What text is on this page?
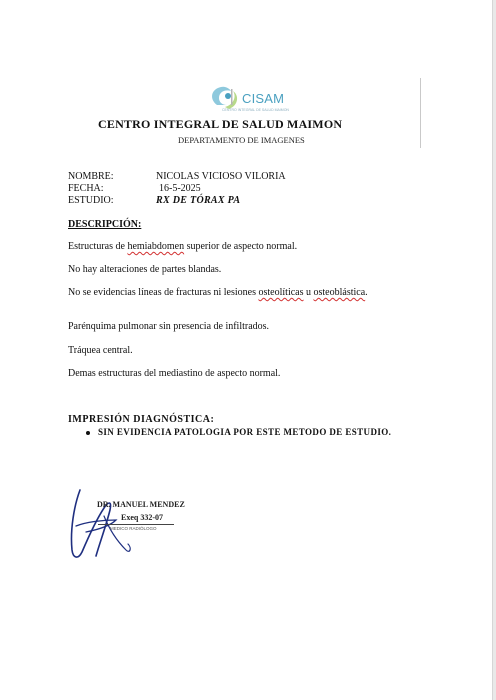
CISAM
CENTRO INTEGRAL DE SALUD MAIMON
CENTRO INTEGRAL DE SALUD MAIMON
DEPARTAMENTO DE IMAGENES
NOMBRE:	NICOLAS VICIOSO VILORIA
FECHA:	16-5-2025
ESTUDIO:	RX DE TÓRAX PA
DESCRIPCIÓN:
Estructuras de hemiabdomen superior de aspecto normal.
No hay alteraciones de partes blandas.
No se evidencias líneas de fracturas ni lesiones osteolíticas u osteoblástica.
Parénquima pulmonar sin presencia de infiltrados.
Tráquea central.
Demas estructuras del mediastino de aspecto normal.
IMPRESIÓN DIAGNÓSTICA:
SIN EVIDENCIA PATOLOGIA POR ESTE METODO DE ESTUDIO.
DR. MANUEL MENDEZ
Exeq 332-07
MEDICO RADIÓLOGO
